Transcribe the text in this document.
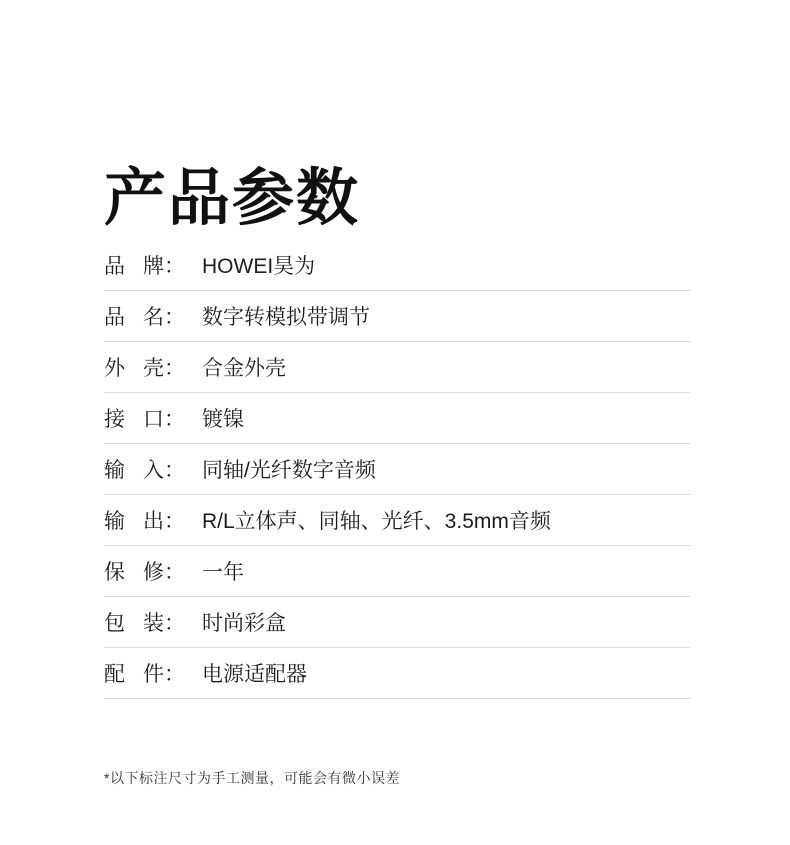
产品参数
品 牌： HOWEI昊为
品 名： 数字转模拟带调节
外 壳： 合金外壳
接 口： 镀镍
输 入： 同轴/光纤数字音频
输 出： R/L立体声、同轴、光纤、3.5mm音频
保 修： 一年
包 装： 时尚彩盒
配 件： 电源适配器
*以下标注尺寸为手工测量，可能会有微小误差
